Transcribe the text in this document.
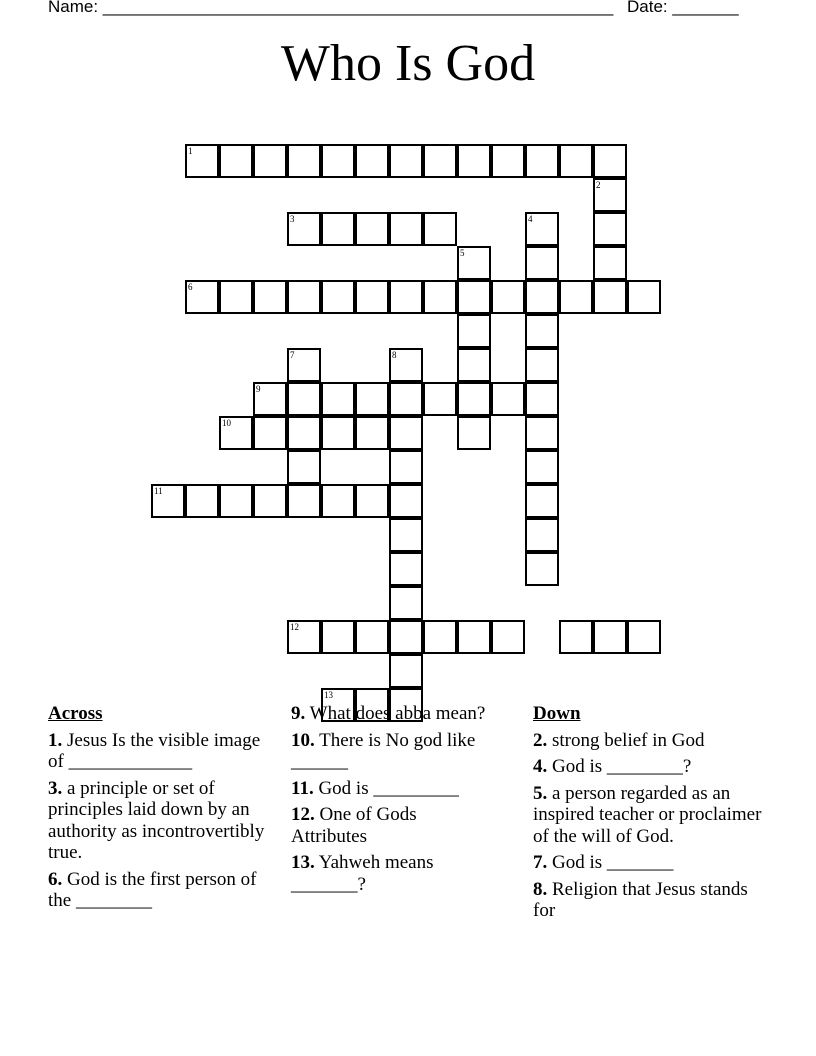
Name: ______________________________________________________ Date: _______
Who Is God
1
2
3	4
5
6
7	8
9
10
11
12
13
Across
1. Jesus Is the visible image of _____________
3. a principle or set of principles laid down by an authority as incontrovertibly true.
6. God is the first person of the ________
9. What does abba mean?
10. There is No god like ______
11. God is _________
12. One of Gods Attributes
13. Yahweh means _______?
Down
2. strong belief in God
4. God is ________?
5. a person regarded as an inspired teacher or proclaimer of the will of God.
7. God is _______
8. Religion that Jesus stands for
